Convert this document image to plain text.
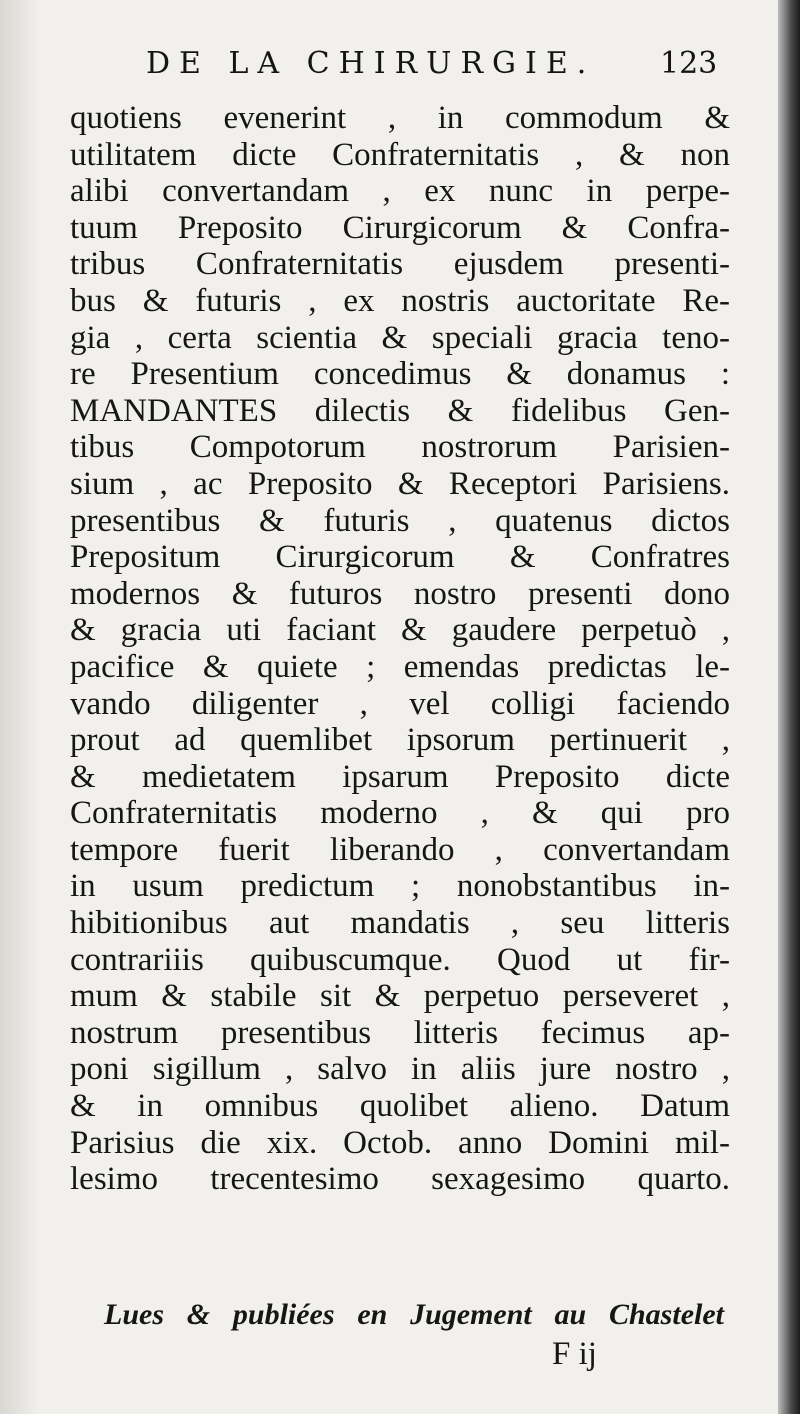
DE LA CHIRURGIE. 123
quotiens evenerint , in commodum &
utilitatem dicte Confraternitatis , & non
alibi convertandam , ex nunc in perpe-
tuum Preposito Cirurgicorum & Confra-
tribus Confraternitatis ejusdem presenti-
bus & futuris , ex nostris auctoritate Re-
gia , certa scientia & speciali gracia teno-
re Presentium concedimus & donamus :
MANDANTES dilectis & fidelibus Gen-
tibus Compotorum nostrorum Parisien-
sium , ac Preposito & Receptori Parisiens.
presentibus & futuris , quatenus dictos
Prepositum Cirurgicorum & Confratres
modernos & futuros nostro presenti dono
& gracia uti faciant & gaudere perpetuò ,
pacifice & quiete ; emendas predictas le-
vando diligenter , vel colligi faciendo
prout ad quemlibet ipsorum pertinuerit ,
& medietatem ipsarum Preposito dicte
Confraternitatis moderno , & qui pro
tempore fuerit liberando , convertandam
in usum predictum ; nonobstantibus in-
hibitionibus aut mandatis , seu litteris
contrariiis quibuscumque. Quod ut fir-
mum & stabile sit & perpetuo perseveret ,
nostrum presentibus litteris fecimus ap-
poni sigillum , salvo in aliis jure nostro ,
& in omnibus quolibet alieno. Datum
Parisius die xix. Octob. anno Domini mil-
lesimo trecentesimo sexagesimo quarto.
Lues & publiées en Jugement au Chastelet
F ij
